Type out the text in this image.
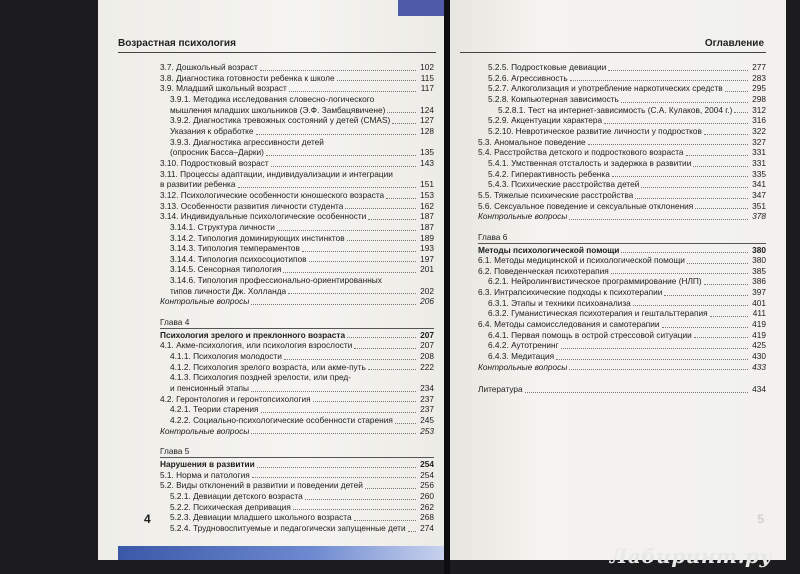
Возрастная психология
3.7. Дошкольный возраст	102
3.8. Диагностика готовности ребенка к школе	115
3.9. Младший школьный возраст	117
3.9.1. Методика исследования словесно-логического
мышления младших школьников (Э.Ф. Замбацявичене)	124
3.9.2. Диагностика тревожных состояний у детей (CMAS)	127
Указания к обработке	128
3.9.3. Диагностика агрессивности детей
(опросник Басса–Дарки)	135
3.10. Подростковый возраст	143
3.11. Процессы адаптации, индивидуализации и интеграции
в развитии ребенка	151
3.12. Психологические особенности юношеского возраста	153
3.13. Особенности развития личности студента	162
3.14. Индивидуальные психологические особенности	187
3.14.1. Структура личности	187
3.14.2. Типология доминирующих инстинктов	189
3.14.3. Типология темпераментов	193
3.14.4. Типология психосоциотипов	197
3.14.5. Сенсорная типология	201
3.14.6. Типология профессионально-ориентированных
типов личности Дж. Холланда	202
Контрольные вопросы	206
Глава 4
Психология зрелого и преклонного возраста	207
4.1. Акме-психология, или психология взрослости	207
4.1.1. Психология молодости	208
4.1.2. Психология зрелого возраста, или акме-путь	222
4.1.3. Психология поздней зрелости, или пред-
и пенсионный этапы	234
4.2. Геронтология и геронтопсихология	237
4.2.1. Теории старения	237
4.2.2. Социально-психологические особенности старения	245
Контрольные вопросы	253
Глава 5
Нарушения в развитии	254
5.1. Норма и патология	254
5.2. Виды отклонений в развитии и поведении детей	256
5.2.1. Девиации детского возраста	260
5.2.2. Психическая депривация	262
5.2.3. Девиации младшего школьного возраста	268
5.2.4. Трудновоспитуемые и педагогически запущенные дети 274
4
Оглавление
5.2.5. Подростковые девиации	277
5.2.6. Агрессивность	283
5.2.7. Алкоголизация и употребление наркотических средств	295
5.2.8. Компьютерная зависимость	298
5.2.8.1. Тест на интернет-зависимость (С.А. Кулаков, 2004 г.) 312
5.2.9. Акцентуации характера	316
5.2.10. Невротическое развитие личности у подростков	322
5.3. Аномальное поведение	327
5.4. Расстройства детского и подросткового возраста	331
5.4.1. Умственная отсталость и задержка в развитии	331
5.4.2. Гиперактивность ребенка	335
5.4.3. Психические расстройства детей	341
5.5. Тяжелые психические расстройства	347
5.6. Сексуальное поведение и сексуальные отклонения	351
Контрольные вопросы	378
Глава 6
Методы психологической помощи	380
6.1. Методы медицинской и психологической помощи	380
6.2. Поведенческая психотерапия	385
6.2.1. Нейролингвистическое программирование (НЛП)	386
6.3. Интрапсихические подходы к психотерапии	397
6.3.1. Этапы и техники психоанализа	401
6.3.2. Гуманистическая психотерапия и гештальттерапия	411
6.4. Методы самоисследования и самотерапии	419
6.4.1. Первая помощь в острой стрессовой ситуации	419
6.4.2. Аутотренинг	425
6.4.3. Медитация	430
Контрольные вопросы	433
Литература	434
5
Лабиринт.ру
